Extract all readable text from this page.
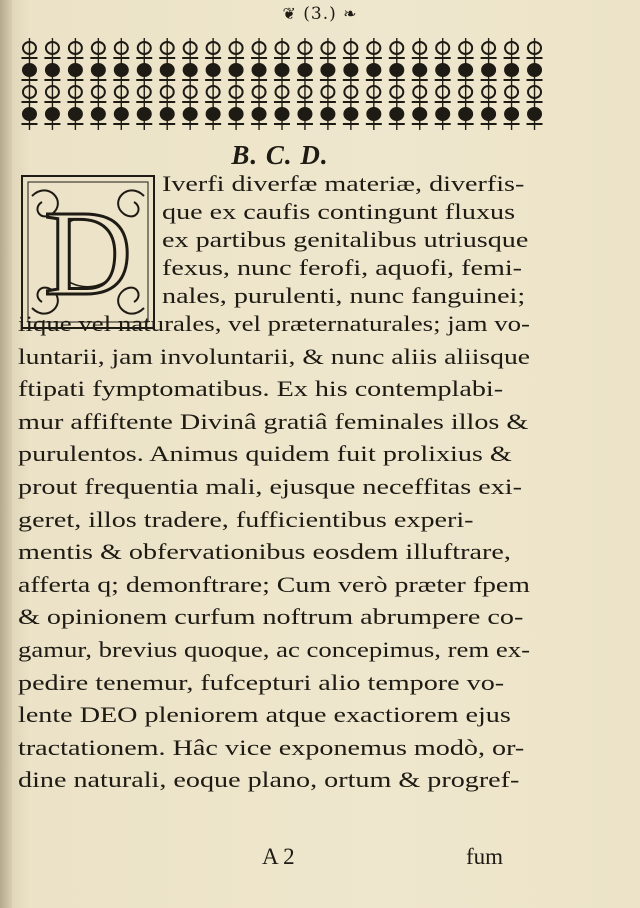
❦ (3.) ❧
B. C. D.
D
Iverfi diverfæ materiæ, diverfis-
que ex caufis contingunt fluxus
ex partibus genitalibus utriusque
fexus, nunc ferofi, aquofi, femi-
nales, purulenti, nunc fanguinei;
iique vel naturales, vel præternaturales; jam vo-
luntarii, jam involuntarii, & nunc aliis aliisque
ftipati fymptomatibus. Ex his contemplabi-
mur affiftente Divinâ gratiâ feminales illos &
purulentos. Animus quidem fuit prolixius &
prout frequentia mali, ejusque neceffitas exi-
geret, illos tradere, fufficientibus experi-
mentis & obfervationibus eosdem illuftrare,
afferta q; demonftrare; Cum verò præter fpem
& opinionem curfum noftrum abrumpere co-
gamur, brevius quoque, ac concepimus, rem ex-
pedire tenemur, fufcepturi alio tempore vo-
lente DEO pleniorem atque exactiorem ejus
tractationem. Hâc vice exponemus modò, or-
dine naturali, eoque plano, ortum & progref-
A 2	fum
